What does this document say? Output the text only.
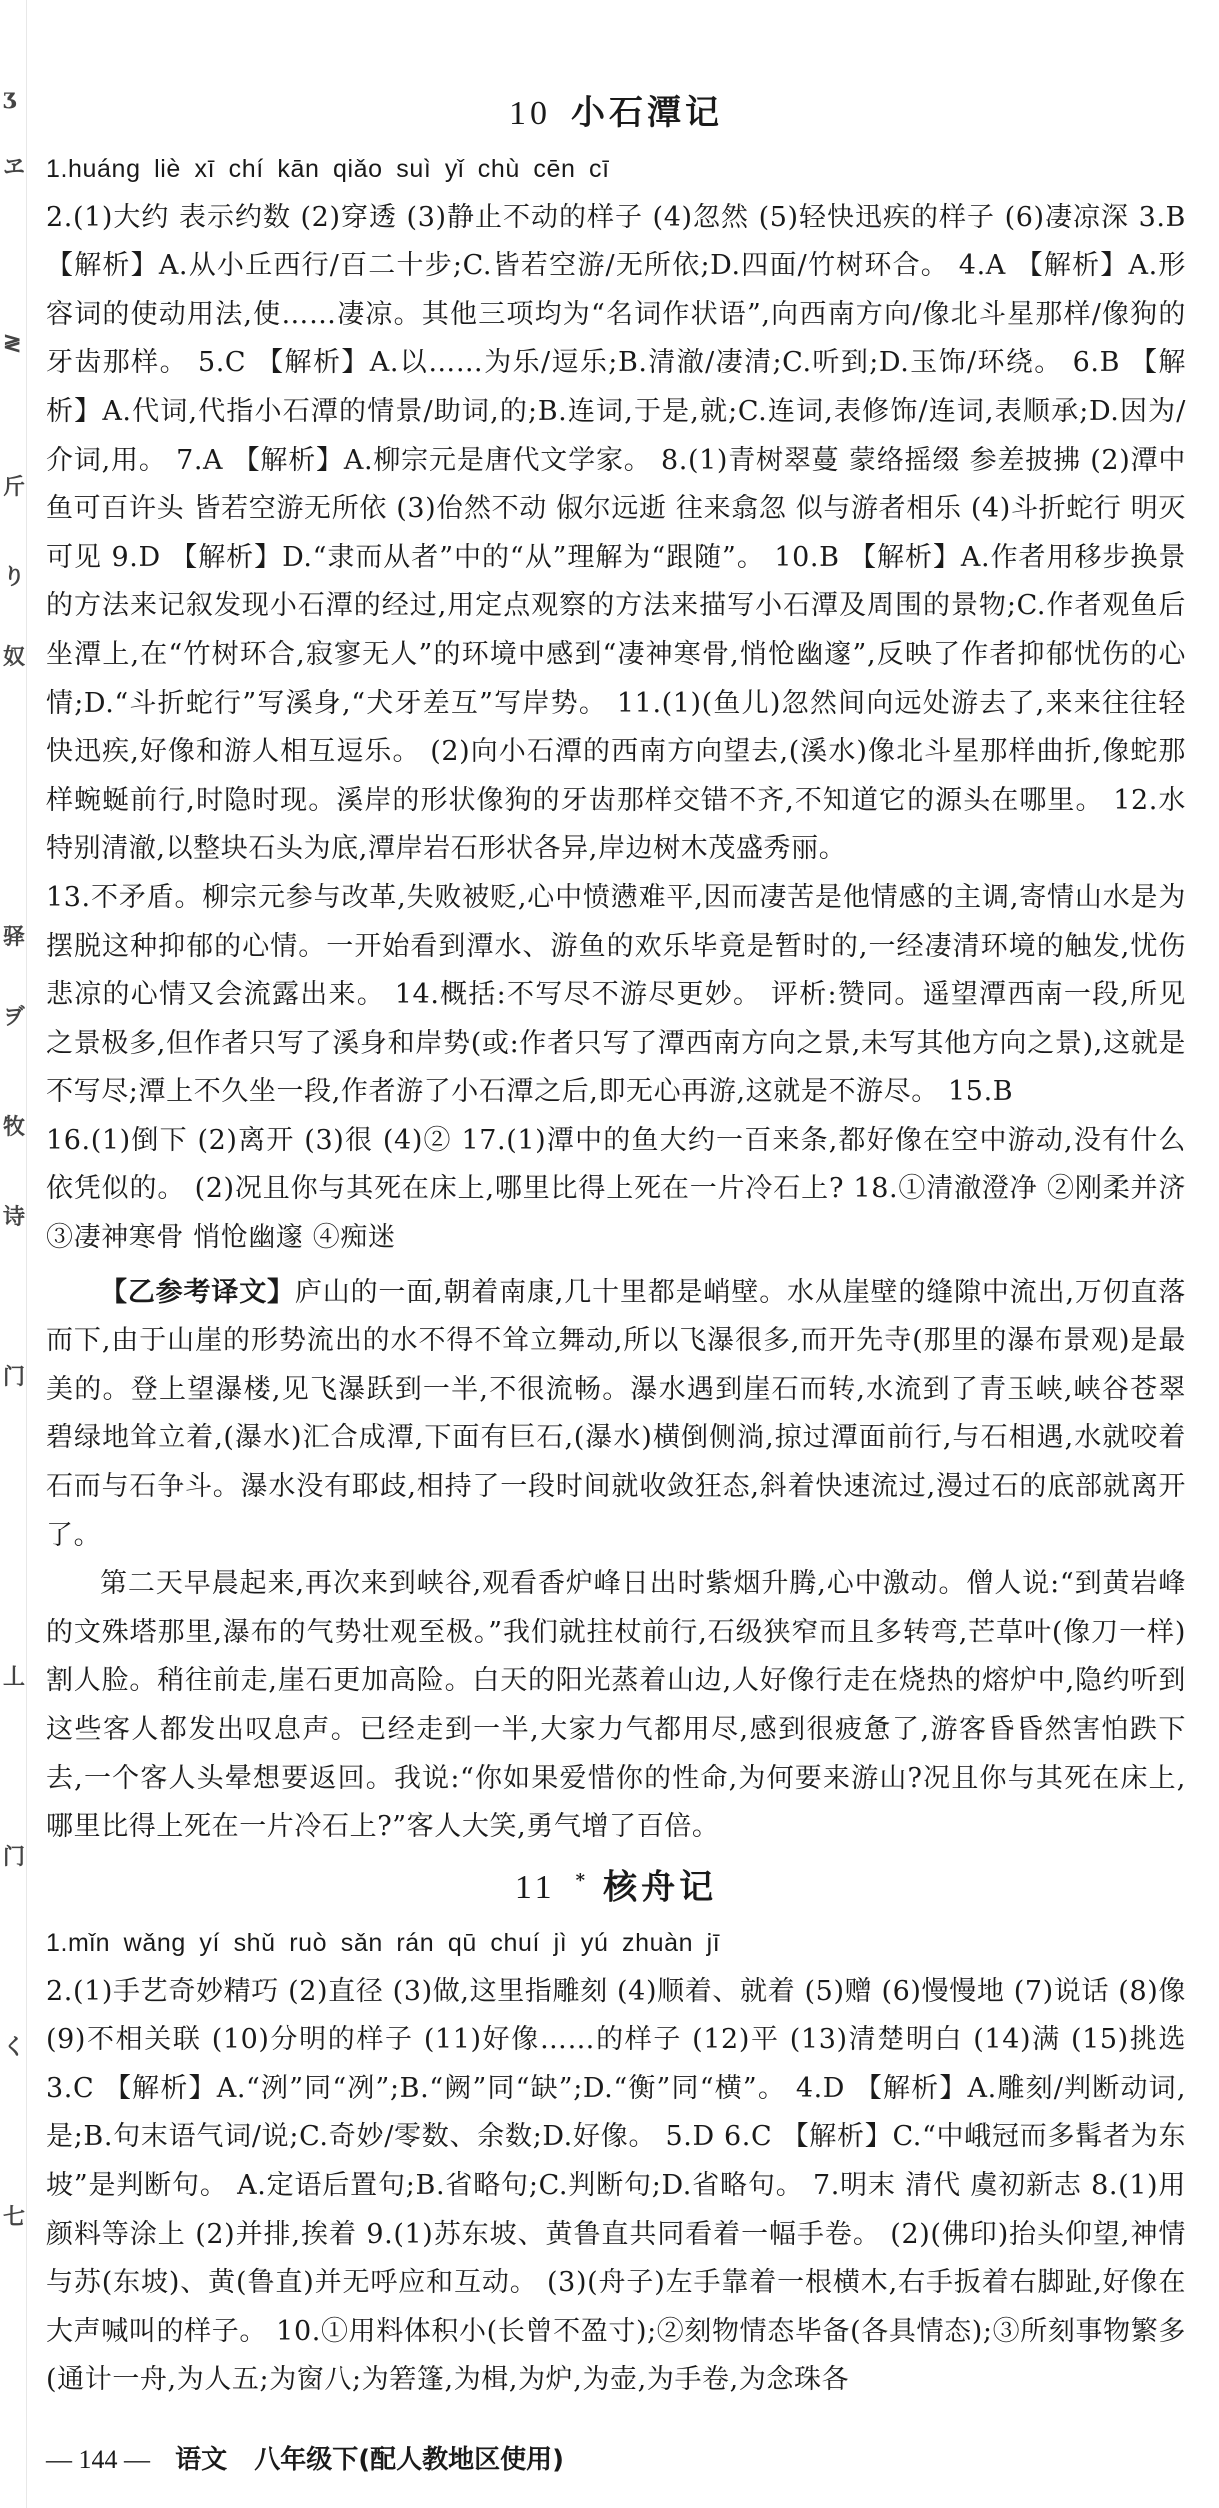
ʒ
ヱ
≷
斤
り
奴
驿
ヺ
牧
诗
门
丄
门
く
七
10 小石潭记

1.huáng liè xī chí kān qiǎo suì yǐ chù cēn cī

2.(1)大约 表示约数 (2)穿透 (3)静止不动的样子 (4)忽然 (5)轻快迅疾的样子 (6)凄凉深 3.B 【解析】A.从小丘西行/百二十步;C.皆若空游/无所依;D.四面/竹树环合。 4.A 【解析】A.形容词的使动用法,使……凄凉。其他三项均为“名词作状语”,向西南方向/像北斗星那样/像狗的牙齿那样。 5.C 【解析】A.以……为乐/逗乐;B.清澈/凄清;C.听到;D.玉饰/环绕。 6.B 【解析】A.代词,代指小石潭的情景/助词,的;B.连词,于是,就;C.连词,表修饰/连词,表顺承;D.因为/介词,用。 7.A 【解析】A.柳宗元是唐代文学家。 8.(1)青树翠蔓 蒙络摇缀 参差披拂 (2)潭中鱼可百许头 皆若空游无所依 (3)佁然不动 俶尔远逝 往来翕忽 似与游者相乐 (4)斗折蛇行 明灭可见 9.D 【解析】D.“隶而从者”中的“从”理解为“跟随”。 10.B 【解析】A.作者用移步换景的方法来记叙发现小石潭的经过,用定点观察的方法来描写小石潭及周围的景物;C.作者观鱼后坐潭上,在“竹树环合,寂寥无人”的环境中感到“凄神寒骨,悄怆幽邃”,反映了作者抑郁忧伤的心情;D.“斗折蛇行”写溪身,“犬牙差互”写岸势。 11.(1)(鱼儿)忽然间向远处游去了,来来往往轻快迅疾,好像和游人相互逗乐。 (2)向小石潭的西南方向望去,(溪水)像北斗星那样曲折,像蛇那样蜿蜒前行,时隐时现。溪岸的形状像狗的牙齿那样交错不齐,不知道它的源头在哪里。 12.水特别清澈,以整块石头为底,潭岸岩石形状各异,岸边树木茂盛秀丽。

13.不矛盾。柳宗元参与改革,失败被贬,心中愤懑难平,因而凄苦是他情感的主调,寄情山水是为摆脱这种抑郁的心情。一开始看到潭水、游鱼的欢乐毕竟是暂时的,一经凄清环境的触发,忧伤悲凉的心情又会流露出来。 14.概括:不写尽不游尽更妙。 评析:赞同。遥望潭西南一段,所见之景极多,但作者只写了溪身和岸势(或:作者只写了潭西南方向之景,未写其他方向之景),这就是不写尽;潭上不久坐一段,作者游了小石潭之后,即无心再游,这就是不游尽。 15.B

16.(1)倒下 (2)离开 (3)很 (4)② 17.(1)潭中的鱼大约一百来条,都好像在空中游动,没有什么依凭似的。 (2)况且你与其死在床上,哪里比得上死在一片冷石上? 18.①清澈澄净 ②刚柔并济 ③凄神寒骨 悄怆幽邃 ④痴迷

【乙参考译文】庐山的一面,朝着南康,几十里都是峭壁。水从崖壁的缝隙中流出,万仞直落而下,由于山崖的形势流出的水不得不耸立舞动,所以飞瀑很多,而开先寺(那里的瀑布景观)是最美的。登上望瀑楼,见飞瀑跃到一半,不很流畅。瀑水遇到崖石而转,水流到了青玉峡,峡谷苍翠碧绿地耸立着,(瀑水)汇合成潭,下面有巨石,(瀑水)横倒侧淌,掠过潭面前行,与石相遇,水就咬着石而与石争斗。瀑水没有耶歧,相持了一段时间就收敛狂态,斜着快速流过,漫过石的底部就离开了。

第二天早晨起来,再次来到峡谷,观看香炉峰日出时紫烟升腾,心中激动。僧人说:“到黄岩峰的文殊塔那里,瀑布的气势壮观至极。”我们就拄杖前行,石级狭窄而且多转弯,芒草叶(像刀一样)割人脸。稍往前走,崖石更加高险。白天的阳光蒸着山边,人好像行走在烧热的熔炉中,隐约听到这些客人都发出叹息声。已经走到一半,大家力气都用尽,感到很疲惫了,游客昏昏然害怕跌下去,一个客人头晕想要返回。我说:“你如果爱惜你的性命,为何要来游山?况且你与其死在床上,哪里比得上死在一片冷石上?”客人大笑,勇气增了百倍。

11 * 核舟记

1.mǐn wǎng yí shǔ ruò sǎn rán qū chuí jì yú zhuàn jī

2.(1)手艺奇妙精巧 (2)直径 (3)做,这里指雕刻 (4)顺着、就着 (5)赠 (6)慢慢地 (7)说话 (8)像 (9)不相关联 (10)分明的样子 (11)好像……的样子 (12)平 (13)清楚明白 (14)满 (15)挑选 3.C 【解析】A.“洌”同“冽”;B.“阙”同“缺”;D.“衡”同“横”。 4.D 【解析】A.雕刻/判断动词,是;B.句末语气词/说;C.奇妙/零数、余数;D.好像。 5.D 6.C 【解析】C.“中峨冠而多髯者为东坡”是判断句。 A.定语后置句;B.省略句;C.判断句;D.省略句。 7.明末 清代 虞初新志 8.(1)用颜料等涂上 (2)并排,挨着 9.(1)苏东坡、黄鲁直共同看着一幅手卷。 (2)(佛印)抬头仰望,神情与苏(东坡)、黄(鲁直)并无呼应和互动。 (3)(舟子)左手靠着一根横木,右手扳着右脚趾,好像在大声喊叫的样子。 10.①用料体积小(长曾不盈寸);②刻物情态毕备(各具情态);③所刻事物繁多(通计一舟,为人五;为窗八;为箬篷,为楫,为炉,为壶,为手卷,为念珠各

— 144 — 语文 八年级下(配人教地区使用)
